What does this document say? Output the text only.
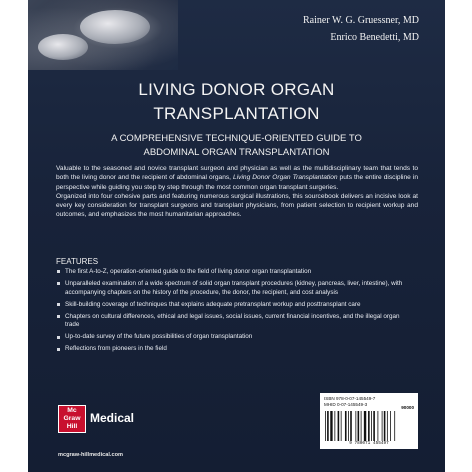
Rainer W. G. Gruessner, MD
Enrico Benedetti, MD
LIVING DONOR ORGAN
TRANSPLANTATION
A COMPREHENSIVE TECHNIQUE-ORIENTED GUIDE TO
ABDOMINAL ORGAN TRANSPLANTATION

Valuable to the seasoned and novice transplant surgeon and physician as well as the multidisciplinary team that tends to both the living donor and the recipient of abdominal organs, Living Donor Organ Transplantation puts the entire discipline in perspective while guiding you step by step through the most common organ transplant surgeries.

Organized into four cohesive parts and featuring numerous surgical illustrations, this sourcebook delivers an incisive look at every key consideration for transplant surgeons and transplant physicians, from patient selection to recipient workup and outcomes, and emphasizes the most humanitarian approaches.

FEATURES
The first A-to-Z, operation-oriented guide to the field of living donor organ transplantation
Unparalleled examination of a wide spectrum of solid organ transplant procedures (kidney, pancreas, liver, intestine), with accompanying chapters on the history of the procedure, the donor, the recipient, and cost analysis
Skill-building coverage of techniques that explains adequate pretransplant workup and posttransplant care
Chapters on cultural differences, ethical and legal issues, social issues, current financial incentives, and the illegal organ trade
Up-to-date survey of the future possibilities of organ transplantation
Reflections from pioneers in the field
Mc
Graw
Hill
Medical
mcgraw-hillmedical.com
ISBN 978-0-07-145549-7
MHID 0-07-145549-3
90000
9 780071 455497
